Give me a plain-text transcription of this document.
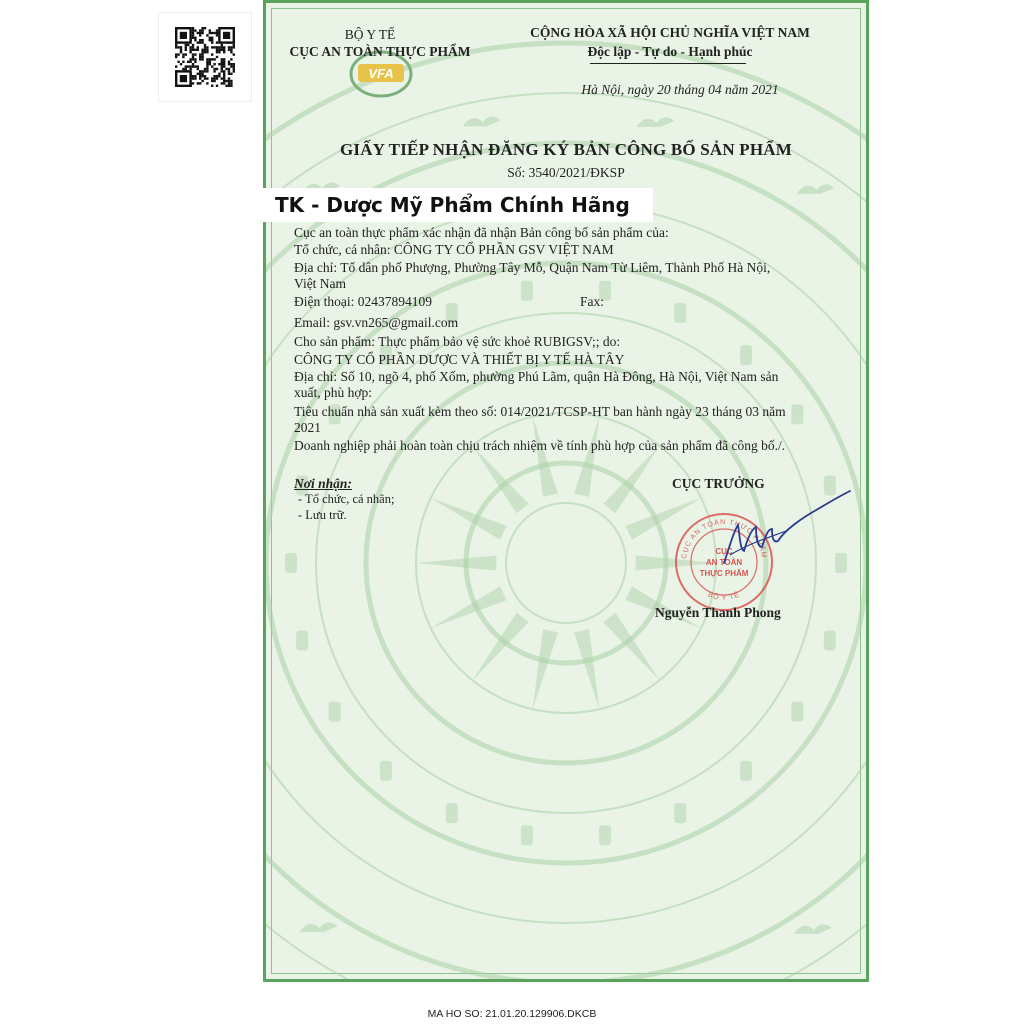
VFA
BỘ Y TẾ
CỤC AN TOÀN THỰC PHẨM
CỘNG HÒA XÃ HỘI CHỦ NGHĨA VIỆT NAM
Độc lập - Tự do - Hạnh phúc
Hà Nội, ngày 20 tháng 04 năm 2021
GIẤY TIẾP NHẬN ĐĂNG KÝ BẢN CÔNG BỐ SẢN PHẨM
Số: 3540/2021/ĐKSP
TK - Dược Mỹ Phẩm Chính Hãng
Cục an toàn thực phẩm xác nhận đã nhận Bản công bố sản phẩm của:
Tổ chức, cá nhân: CÔNG TY CỔ PHẦN GSV VIỆT NAM
Địa chỉ: Tổ dân phố Phượng, Phường Tây Mỗ, Quận Nam Từ Liêm, Thành Phố Hà Nội,
Việt Nam
Điện thoại: 02437894109	Fax:
Email: gsv.vn265@gmail.com
Cho sản phẩm: Thực phẩm bảo vệ sức khoẻ RUBIGSV;; do:
CÔNG TY CỔ PHẦN DƯỢC VÀ THIẾT BỊ Y TẾ HÀ TÂY
Địa chỉ: Số 10, ngõ 4, phố Xốm, phường Phú Lãm, quận Hà Đông, Hà Nội, Việt Nam sản
xuất, phù hợp:
Tiêu chuẩn nhà sản xuất kèm theo số: 014/2021/TCSP-HT ban hành ngày 23 tháng 03 năm
2021
Doanh nghiệp phải hoàn toàn chịu trách nhiệm về tính phù hợp của sản phẩm đã công bố./.
Nơi nhận:
- Tổ chức, cá nhân;
- Lưu trữ.
CỤC TRƯỞNG
CỤC AN TOÀN THỰC PHẨM
BỘ Y TẾ
CỤC
AN TOÀN
THỰC PHẨM
Nguyễn Thanh Phong
MA HO SO: 21.01.20.129906.DKCB
